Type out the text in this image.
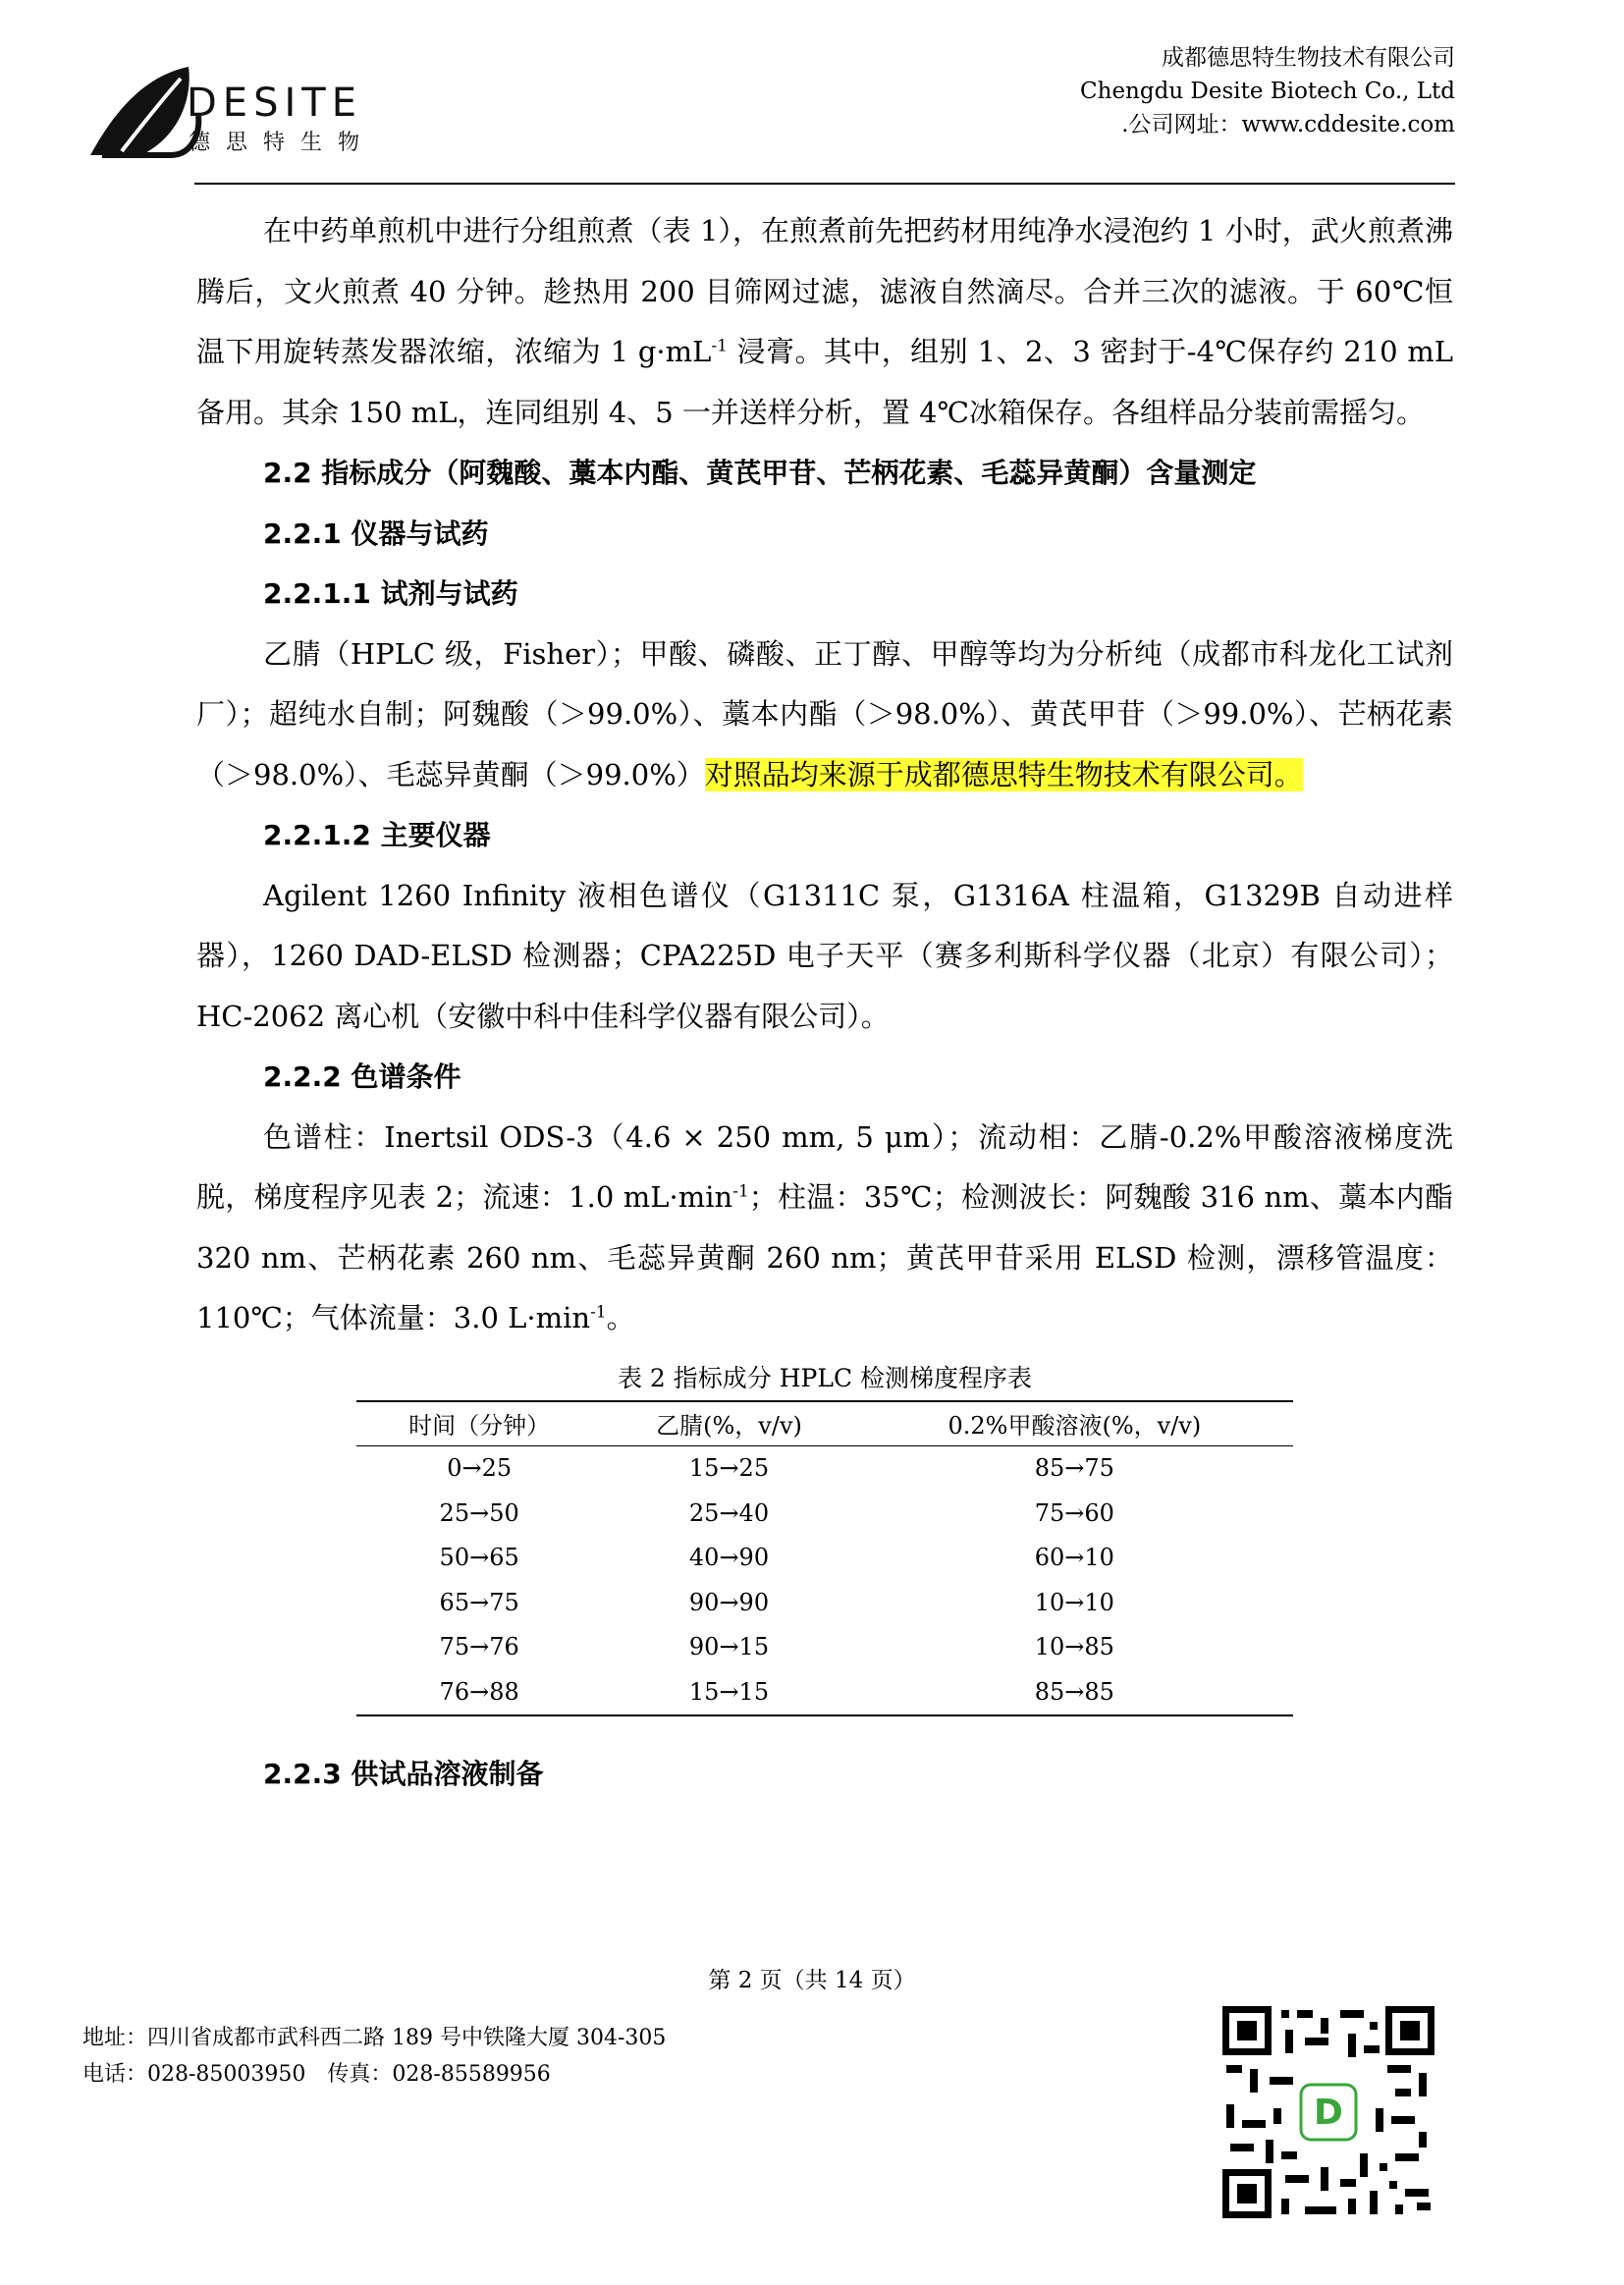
DESITE
德思特生物
成都德思特生物技术有限公司
Chengdu Desite Biotech Co., Ltd
.公司网址：www.cddesite.com

在中药单煎机中进行分组煎煮（表 1），在煎煮前先把药材用纯净水浸泡约 1 小时，武火煎煮沸腾后，文火煎煮 40 分钟。趁热用 200 目筛网过滤，滤液自然滴尽。合并三次的滤液。于 60℃恒温下用旋转蒸发器浓缩，浓缩为 1 $g\cdot mL^{-1}$ 浸膏。其中，组别 1、2、3 密封于-4℃保存约 210 mL 备用。其余 150 mL，连同组别 4、5 一并送样分析，置 4℃冰箱保存。各组样品分装前需摇匀。

2.2 指标成分（阿魏酸、藁本内酯、黄芪甲苷、芒柄花素、毛蕊异黄酮）含量测定
2.2.1 仪器与试药
2.2.1.1 试剂与试药

乙腈（HPLC 级，Fisher）；甲酸、磷酸、正丁醇、甲醇等均为分析纯（成都市科龙化工试剂厂）；超纯水自制；阿魏酸（＞99.0%）、藁本内酯（＞98.0%）、黄芪甲苷（＞99.0%）、芒柄花素（＞98.0%）、毛蕊异黄酮（＞99.0%）对照品均来源于成都德思特生物技术有限公司。

2.2.1.2 主要仪器

Agilent 1260 Infinity 液相色谱仪（G1311C 泵，G1316A 柱温箱，G1329B 自动进样器），1260 DAD-ELSD 检测器；CPA225D 电子天平（赛多利斯科学仪器（北京）有限公司）；HC-2062 离心机（安徽中科中佳科学仪器有限公司）。

2.2.2 色谱条件

色谱柱：Inertsil ODS-3（4.6 × 250 mm, 5 μm）；流动相：乙腈-0.2%甲酸溶液梯度洗脱，梯度程序见表 2；流速：1.0 $mL\cdot\min^{-1}$；柱温：35℃；检测波长：阿魏酸 316 nm、藁本内酯 320 nm、芒柄花素 260 nm、毛蕊异黄酮 260 nm；黄芪甲苷采用 ELSD 检测，漂移管温度：110℃；气体流量：3.0 $L\cdot\min^{-1}$。

表 2 指标成分 HPLC 检测梯度程序表
时间（分钟）	乙腈(%，v/v)	0.2%甲酸溶液(%，v/v)
0→25	15→25	85→75
25→50	25→40	75→60
50→65	40→90	60→10
65→75	90→90	10→10
75→76	90→15	10→85
76→88	15→15	85→85
2.2.3 供试品溶液制备
第 2 页（共 14 页）
地址：四川省成都市武科西二路 189 号中铁隆大厦 304-305
电话：028-85003950　传真：028-85589956
D
